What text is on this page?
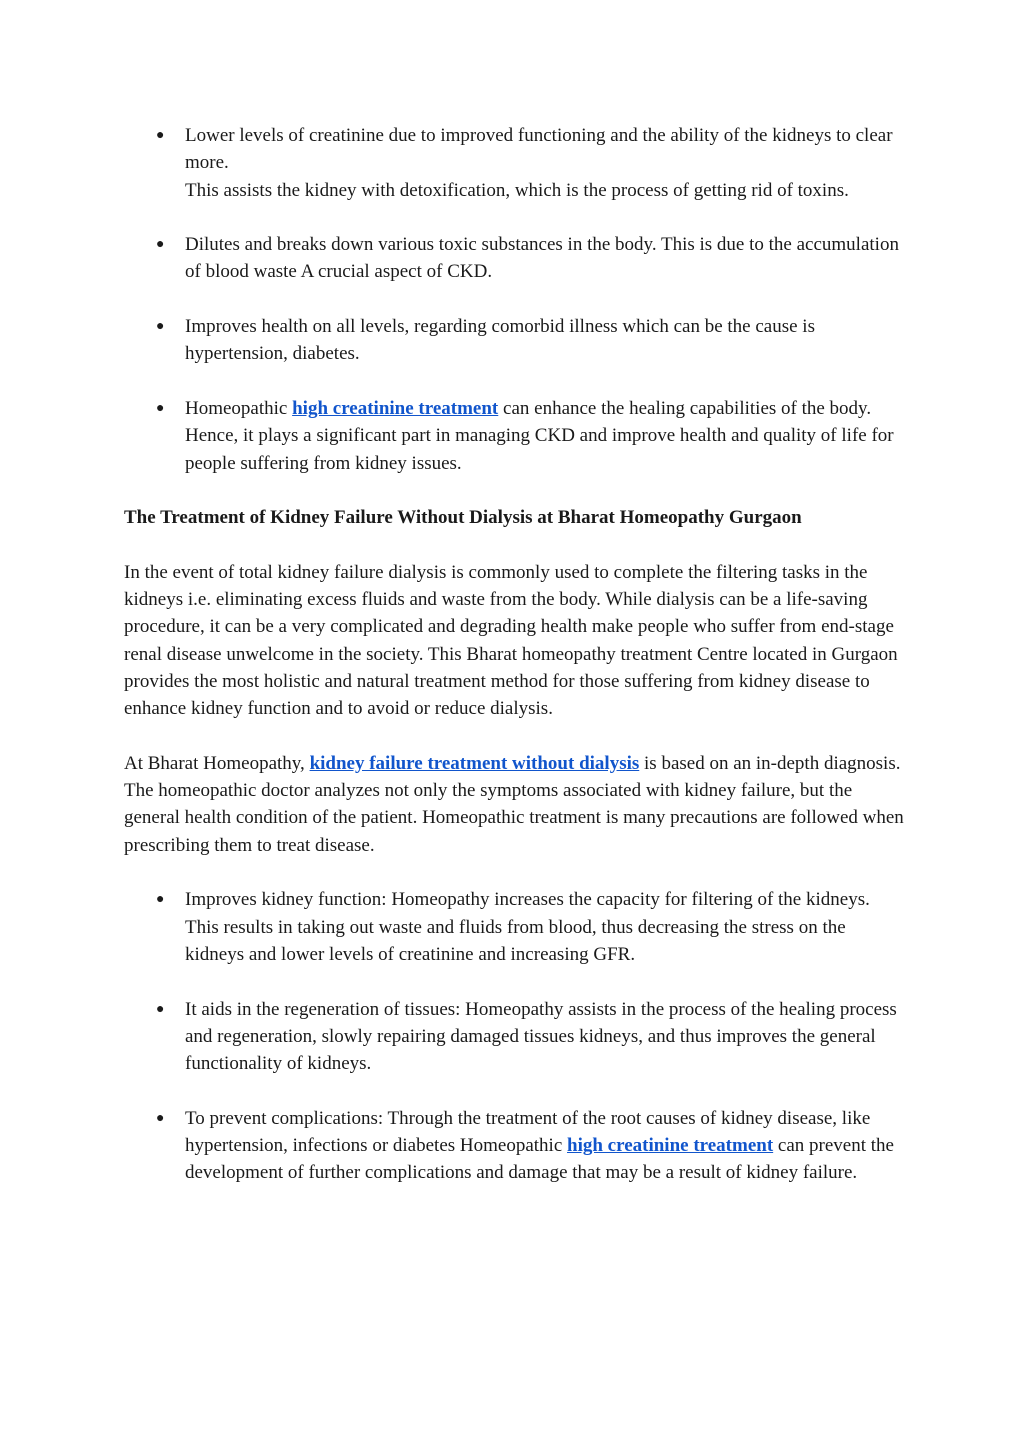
● Lower levels of creatinine due to improved functioning and the ability of the kidneys to clear more.
This assists the kidney with detoxification, which is the process of getting rid of toxins.
● Dilutes and breaks down various toxic substances in the body. This is due to the accumulation of blood waste A crucial aspect of CKD.
● Improves health on all levels, regarding comorbid illness which can be the cause is hypertension, diabetes.
● Homeopathic high creatinine treatment can enhance the healing capabilities of the body. Hence, it plays a significant part in managing CKD and improve health and quality of life for people suffering from kidney issues.
The Treatment of Kidney Failure Without Dialysis at Bharat Homeopathy Gurgaon

In the event of total kidney failure dialysis is commonly used to complete the filtering tasks in the kidneys i.e. eliminating excess fluids and waste from the body. While dialysis can be a life-saving procedure, it can be a very complicated and degrading health make people who suffer from end-stage renal disease unwelcome in the society. This Bharat homeopathy treatment Centre located in Gurgaon provides the most holistic and natural treatment method for those suffering from kidney disease to enhance kidney function and to avoid or reduce dialysis.

At Bharat Homeopathy, kidney failure treatment without dialysis is based on an in-depth diagnosis. The homeopathic doctor analyzes not only the symptoms associated with kidney failure, but the general health condition of the patient. Homeopathic treatment is many precautions are followed when prescribing them to treat disease.

● Improves kidney function: Homeopathy increases the capacity for filtering of the kidneys. This results in taking out waste and fluids from blood, thus decreasing the stress on the kidneys and lower levels of creatinine and increasing GFR.
● It aids in the regeneration of tissues: Homeopathy assists in the process of the healing process and regeneration, slowly repairing damaged tissues kidneys, and thus improves the general functionality of kidneys.
● To prevent complications: Through the treatment of the root causes of kidney disease, like hypertension, infections or diabetes Homeopathic high creatinine treatment can prevent the development of further complications and damage that may be a result of kidney failure.
